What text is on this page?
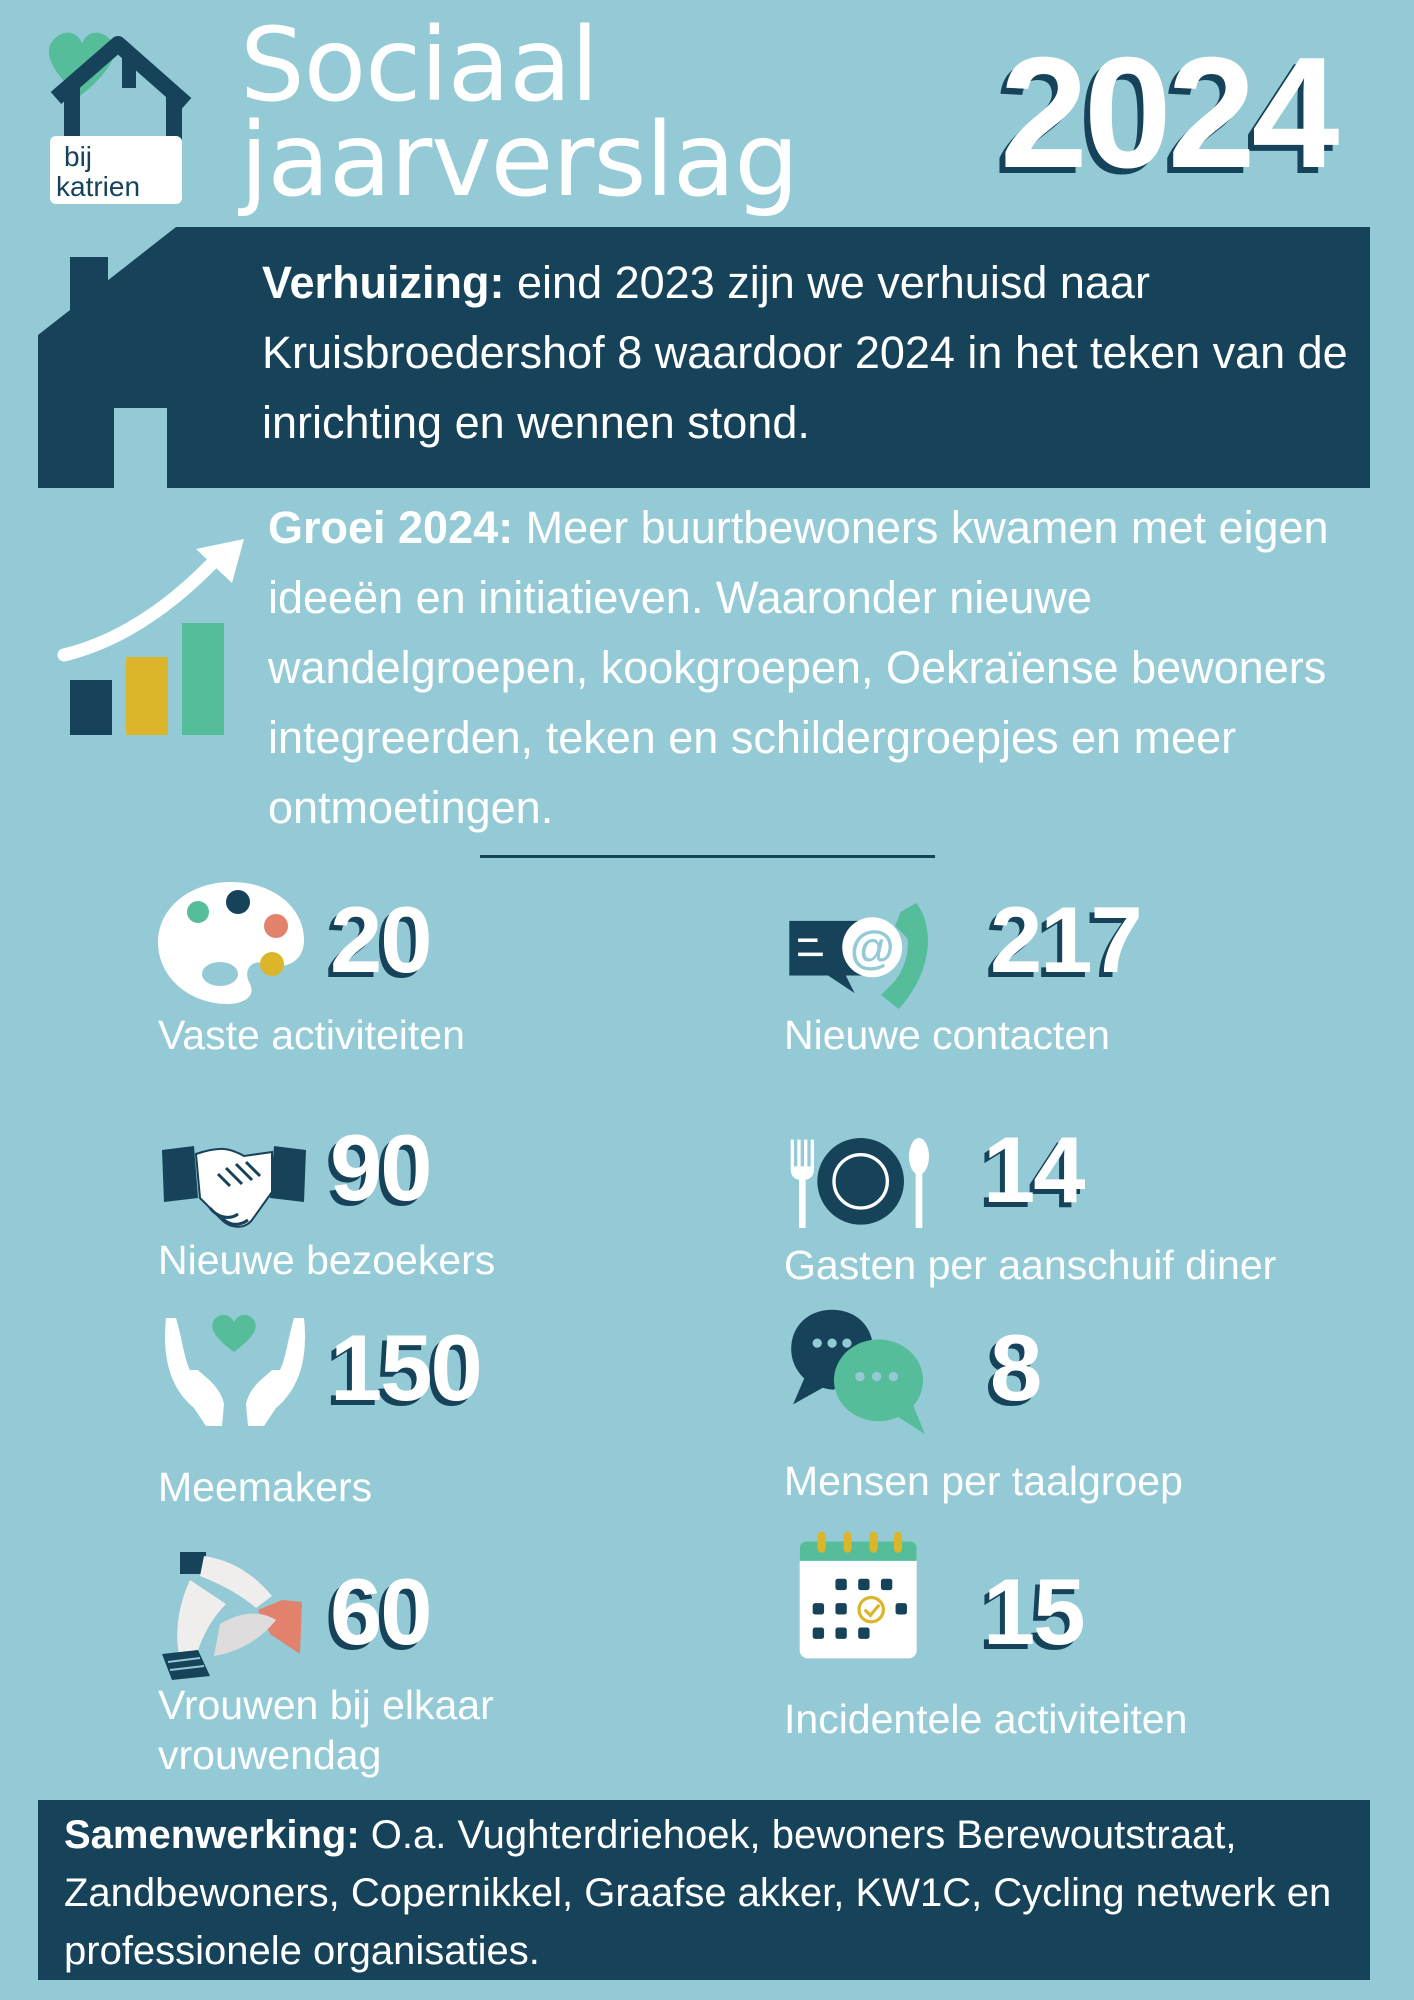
bij
katrien
Sociaal
jaarverslag 2024
Verhuizing: eind 2023 zijn we verhuisd naar Kruisbroedershof 8 waardoor 2024 in het teken van de inrichting en wennen stond.
Groei 2024: Meer buurtbewoners kwamen met eigen ideeën en initiatieven. Waaronder nieuwe wandelgroepen, kookgroepen, Oekraïense bewoners integreerden, teken en schildergroepjes en meer ontmoetingen.
20
Vaste activiteiten
90
Nieuwe bezoekers
150
Meemakers
60
Vrouwen bij elkaar
vrouwendag
@ 217
Nieuwe contacten
14
Gasten per aanschuif diner
8
Mensen per taalgroep
15
Incidentele activiteiten
Samenwerking: O.a. Vughterdriehoek, bewoners Berewoutstraat, Zandbewoners, Copernikkel, Graafse akker, KW1C, Cycling netwerk en professionele organisaties.
